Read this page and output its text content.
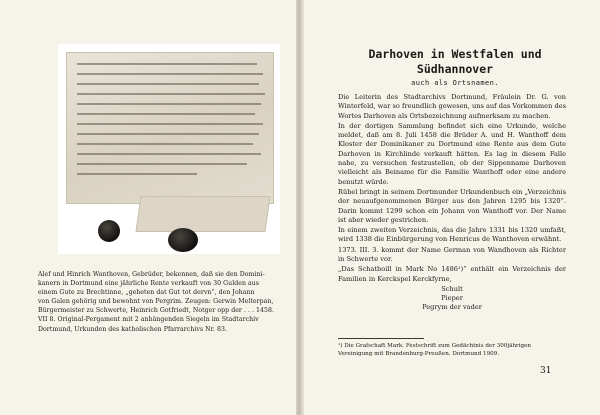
Alef und Hinrich Wanthoven, Gebrüder, bekennen, daß sie den Domini-

kanern in Dortmund eine jährliche Rente verkauft von 30 Gulden aus

einem Gute zu Brechtinne, „geheten dat Gut tot dervn“, den Johann

von Galen gehörig und bewohnt von Pergrim. Zeugen: Gerwin Melterpan,

Bürgermeister zu Schwerte, Heinrich Gotfriedt, Notger opp der . . . 1458.

VII 8. Original-Pergament mit 2 anhängenden Siegeln im Stadtarchiv

Dortmund, Urkunden des katholischen Pfarrarchivs Nr. 83.

Darhoven in Westfalen und
Südhannover
auch als Ortsnamen.

Die Leiterin des Stadtarchivs Dortmund, Fräulein Dr. G. von Winterfeld, war so freundlich gewesen, uns auf das Vorkommen des Wortes Darhoven als Ortsbezeichnung aufmerksam zu machen.

In der dortigen Sammlung befindet sich eine Urkunde, welche meldet, daß am 8. Juli 1458 die Brüder A. und H. Wanthoff dem Kloster der Dominikaner zu Dortmund eine Rente aus dem Gute Darhoven in Kirchlinde verkauft hätten. Es lag in diesem Falle nahe, zu versuchen festzustellen, ob der Sippenname Darhoven vielleicht als Beiname für die Familie Wanthoff oder eine andere benutzt würde.

Rübel bringt in seinem Dortmunder Urkundenbuch ein „Verzeichnis der neuaufgenommenen Bürger aus den Jahren 1295 bis 1320“. Darin kommt 1299 schon ein Johann von Wanthoff vor. Der Name ist aber wieder gestrichen.

In einem zweiten Verzeichnis, das die Jahre 1331 bis 1320 umfaßt, wird 1338 die Einbürgerung von Henricus de Wanthoven erwähnt.

1373. III. 3. kommt der Name German von Wandhoven als Richter in Schwerte vor.

„Das Schatboill in Mark No 1486¹)“ enthält ein Verzeichnis der Familien in Kerckspel Kerckfyrne,

Schult
Pieper
Pegrym der vader
¹) Die Grafschaft Mark. Festschrift zum Gedächtnis der 300jährigen Vereinigung mit Brandenburg-Preußen. Dortmund 1909.
31
